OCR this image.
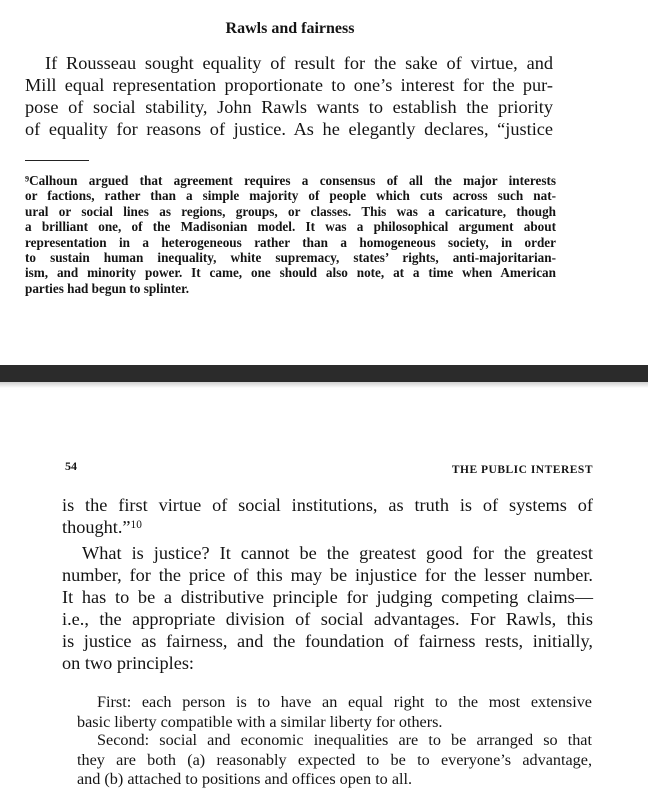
Rawls and fairness
If Rousseau sought equality of result for the sake of virtue, and
Mill equal representation proportionate to one’s interest for the pur-
pose of social stability, John Rawls wants to establish the priority
of equality for reasons of justice. As he elegantly declares, “justice
$^9$Calhoun argued that agreement requires a consensus of all the major interests
or factions, rather than a simple majority of people which cuts across such nat-
ural or social lines as regions, groups, or classes. This was a caricature, though
a brilliant one, of the Madisonian model. It was a philosophical argument about
representation in a heterogeneous rather than a homogeneous society, in order
to sustain human inequality, white supremacy, states’ rights, anti-majoritarian-
ism, and minority power. It came, one should also note, at a time when American
parties had begun to splinter.
54	THE PUBLIC INTEREST
is the first virtue of social institutions, as truth is of systems of
thought.”$^{10}$
What is justice? It cannot be the greatest good for the greatest
number, for the price of this may be injustice for the lesser number.
It has to be a distributive principle for judging competing claims—
i.e., the appropriate division of social advantages. For Rawls, this
is justice as fairness, and the foundation of fairness rests, initially,
on two principles:
First: each person is to have an equal right to the most extensive
basic liberty compatible with a similar liberty for others.
Second: social and economic inequalities are to be arranged so that
they are both (a) reasonably expected to be to everyone’s advantage,
and (b) attached to positions and offices open to all.
